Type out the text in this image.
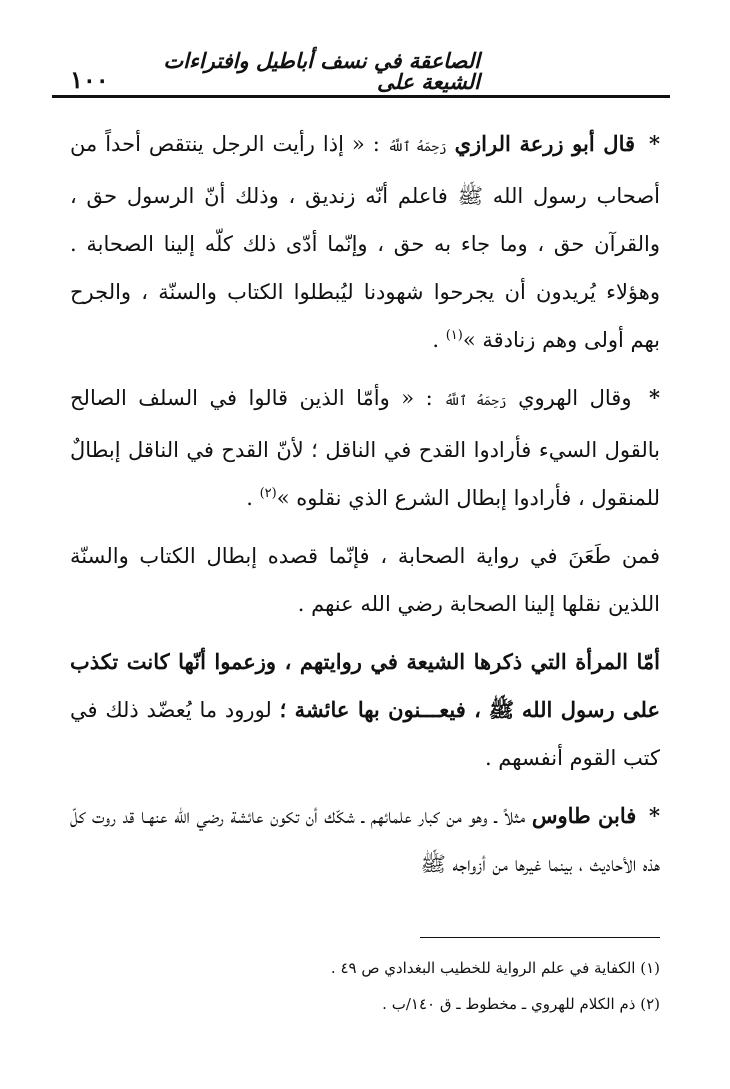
الصاعقة في نسف أباطيل وافتراءات الشيعة على
١٠٠

* قال أبو زرعة الرازي رَحِمَهُ ٱللَّهُ : « إذا رأيت الرجل ينتقص أحداً من أصحاب رسول الله ﷺ فاعلم أنّه زنديق ، وذلك أنّ الرسول حق ، والقرآن حق ، وما جاء به حق ، وإنّما أدّى ذلك كلّه إلينا الصحابة . وهؤلاء يُريدون أن يجرحوا شهودنا ليُبطلوا الكتاب والسنّة ، والجرح بهم أولى وهم زنادقة »$^{(١)}$ .

* وقال الهروي رَحِمَهُ ٱللَّهُ : « وأمّا الذين قالوا في السلف الصالح بالقول السيء فأرادوا القدح في الناقل ؛ لأنّ القدح في الناقل إبطالٌ للمنقول ، فأرادوا إبطال الشرع الذي نقلوه »$^{(٢)}$ .

فمن طَعَنَ في رواية الصحابة ، فإنّما قصده إبطال الكتاب والسنّة اللذين نقلها إلينا الصحابة رضي الله عنهم .

أمّا المرأة التي ذكرها الشيعة في روايتهم ، وزعموا أنّها كانت تكذب على رسول الله ﷺ ، فيعـــنون بها عائشة ؛ لورود ما يُعضّد ذلك في كتب القوم أنفسهم .

* فابن طاوس مثلاً ـ وهو من كبار علمائهم ـ شكّك أن تكون عائشة رضي الله عنهـا قد روت كلّ هذه الأحاديث ، بينما غيرها من أزواجه ﷺ

(١) الكفاية في علم الرواية للخطيب البغدادي ص ٤٩ .

(٢) ذم الكلام للهروي ـ مخطوط ـ ق ١٤٠/ب .
